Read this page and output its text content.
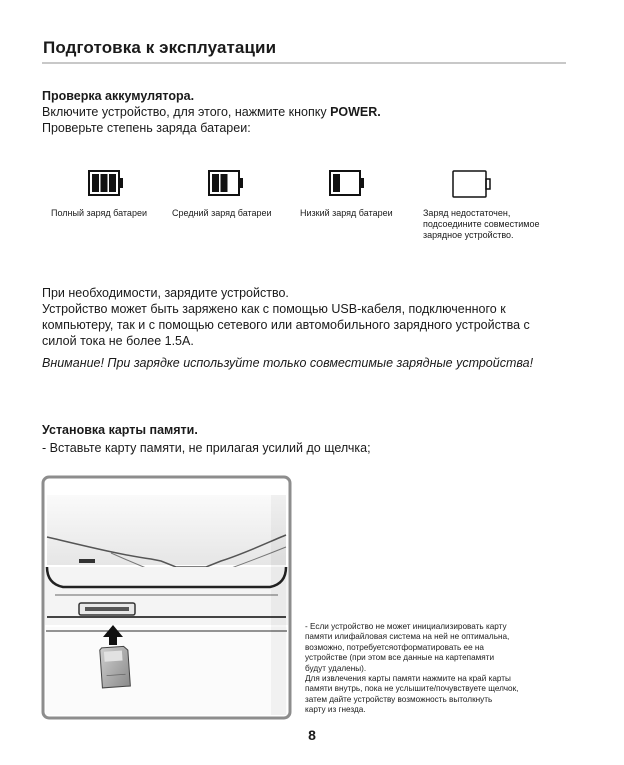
Подготовка к эксплуатации
Проверка аккумулятора.
Включите устройство, для этого, нажмите кнопку POWER.
Проверьте степень заряда батареи:
Полный заряд батареи	Средний заряд батареи	Низкий заряд батареи	Заряд недостаточен,
подсоедините совместимое
зарядное устройство.
При необходимости, зарядите устройство.
Устройство может быть заряжено как с помощью USB-кабеля, подключенного к
компьютеру, так и с помощью сетевого или автомобильного зарядного устройства с
силой тока не более 1.5A.
Внимание! При зарядке используйте только совместимые зарядные устройства!
Установка карты памяти.
- Вставьте карту памяти, не прилагая усилий до щелчка;
- Если устройство не может инициализировать карту
памяти илифайловая система на ней не оптимальна,
возможно, потребуетсяотформатировать ее на
устройстве (при этом все данные на картепамяти
будут удалены).
Для извлечения карты памяти нажмите на край карты
памяти внутрь, пока не услышите/почувствуете щелчок,
затем дайте устройству возможность вытолкнуть
карту из гнезда.
8
